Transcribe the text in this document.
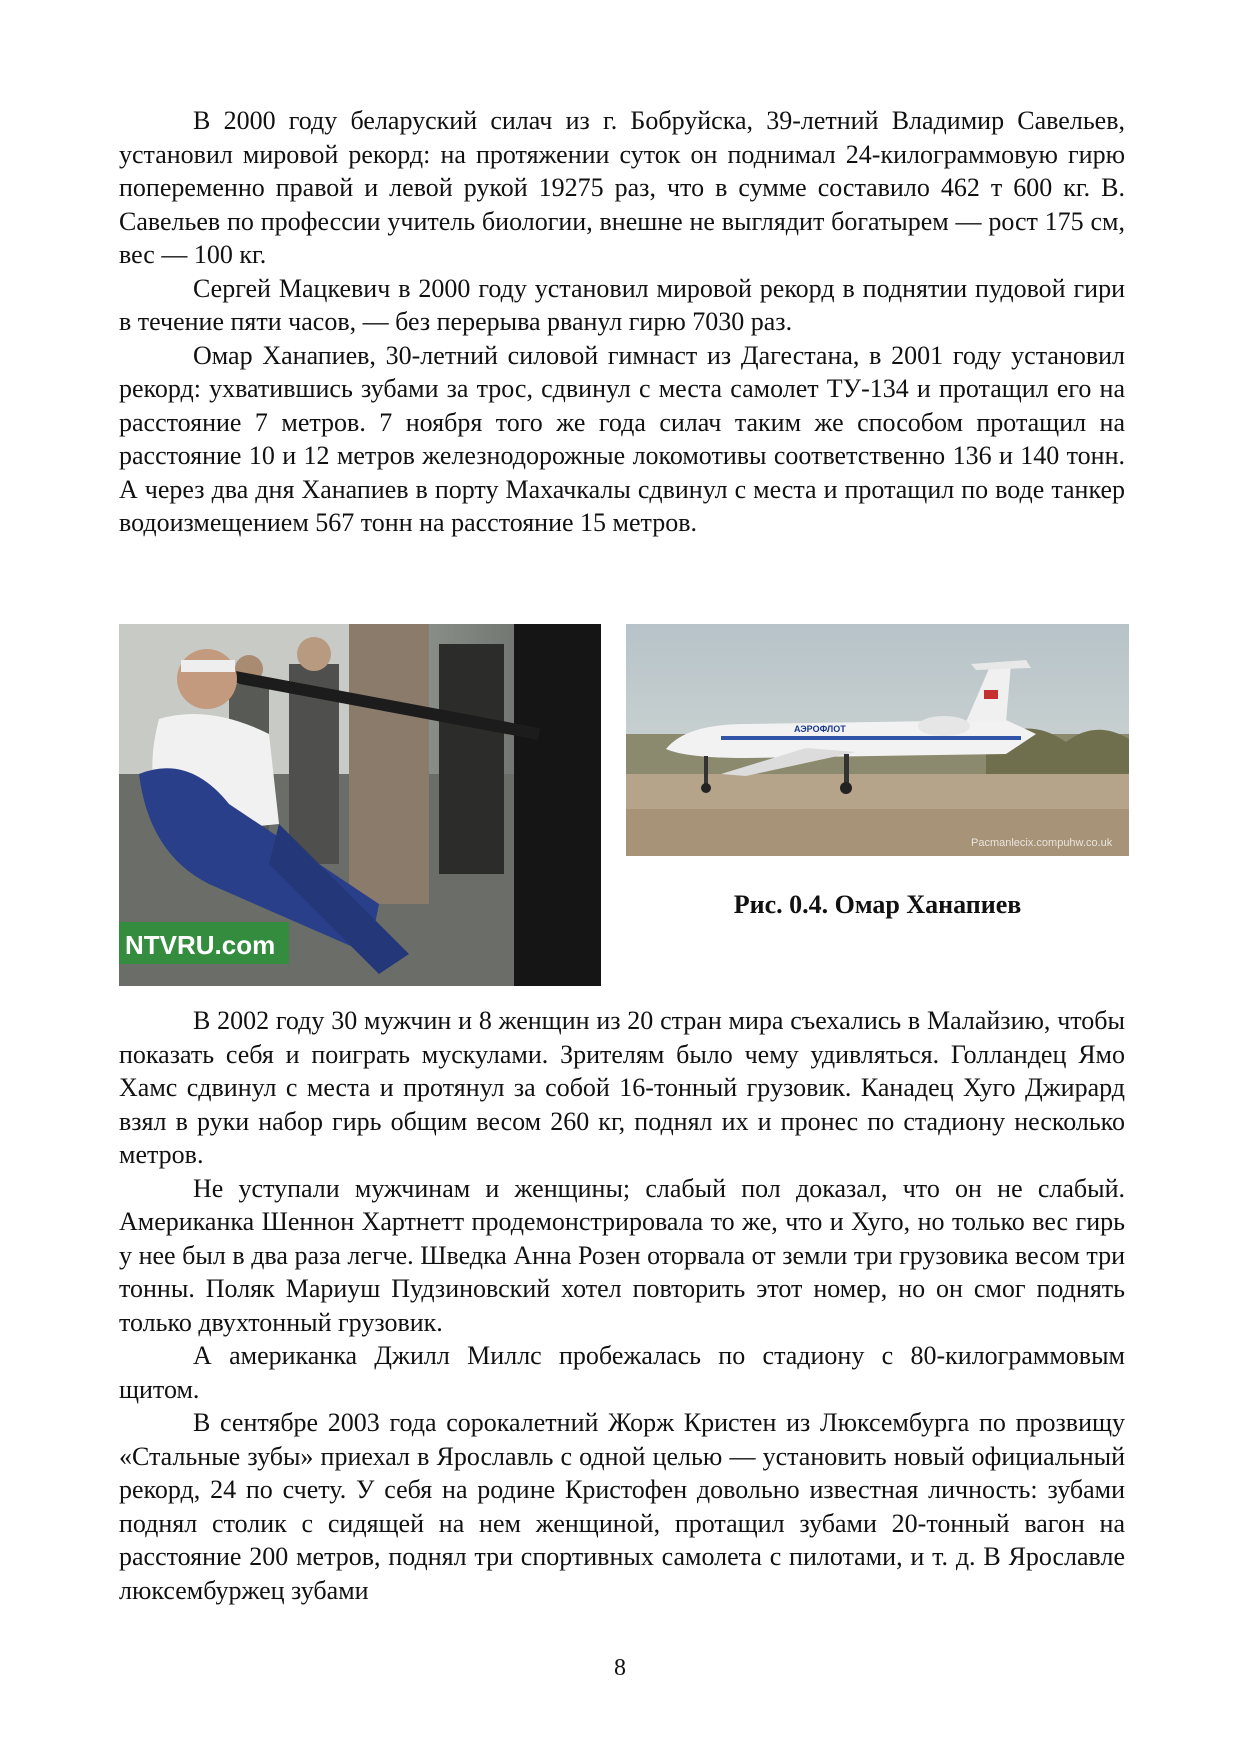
В 2000 году беларуский силач из г. Бобруйска, 39-летний Владимир Савельев, установил мировой рекорд: на протяжении суток он поднимал 24-килограммовую гирю попеременно правой и левой рукой 19275 раз, что в сумме составило 462 т 600 кг. В. Савельев по профессии учитель биологии, внешне не выглядит богатырем — рост 175 см, вес — 100 кг.

Сергей Мацкевич в 2000 году установил мировой рекорд в поднятии пудовой гири в течение пяти часов, — без перерыва рванул гирю 7030 раз.

Омар Ханапиев, 30-летний силовой гимнаст из Дагестана, в 2001 году установил рекорд: ухватившись зубами за трос, сдвинул с места самолет ТУ-134 и протащил его на расстояние 7 метров. 7 ноября того же года силач таким же способом протащил на расстояние 10 и 12 метров железнодорожные локомотивы соответственно 136 и 140 тонн. А через два дня Ханапиев в порту Махачкалы сдвинул с места и протащил по воде танкер водоизмещением 567 тонн на расстояние 15 метров.

NTVRU.com
АЭРОФЛОТ
Pacmanlecix.compuhw.co.uk
Рис. 0.4. Омар Ханапиев

В 2002 году 30 мужчин и 8 женщин из 20 стран мира съехались в Малайзию, чтобы показать себя и поиграть мускулами. Зрителям было чему удивляться. Голландец Ямо Хамс сдвинул с места и протянул за собой 16-тонный грузовик. Канадец Хуго Джирард взял в руки набор гирь общим весом 260 кг, поднял их и пронес по стадиону несколько метров.

Не уступали мужчинам и женщины; слабый пол доказал, что он не слабый. Американка Шеннон Хартнетт продемонстрировала то же, что и Хуго, но только вес гирь у нее был в два раза легче. Шведка Анна Розен оторвала от земли три грузовика весом три тонны. Поляк Мариуш Пудзиновский хотел повторить этот номер, но он смог поднять только двухтонный грузовик.

А американка Джилл Миллс пробежалась по стадиону с 80-килограммовым щитом.

В сентябре 2003 года сорокалетний Жорж Кристен из Люксембурга по прозвищу «Стальные зубы» приехал в Ярославль с одной целью — установить новый официальный рекорд, 24 по счету. У себя на родине Кристофен довольно известная личность: зубами поднял столик с сидящей на нем женщиной, протащил зубами 20-тонный вагон на расстояние 200 метров, поднял три спортивных самолета с пилотами, и т. д. В Ярославле люксембуржец зубами

8
